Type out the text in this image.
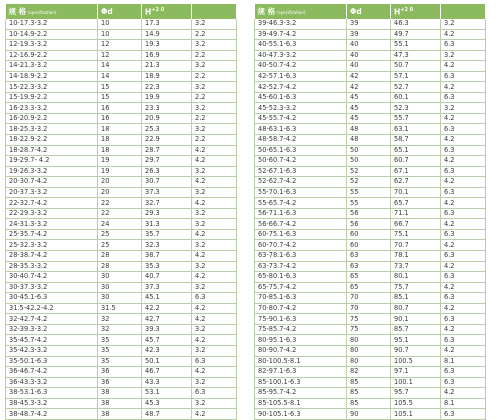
规 格 (specification)	Φd	$H^{+2 0}$	
10-17.3-3.2	10	17.3	3.2
10-14.9-2.2	10	14.9	2.2
12-19.3-3.2	12	19.3	3.2
12-16.9-2.2	12	16.9	2.2
14-21.3-3.2	14	21.3	3.2
14-18.9-2.2	14	18.9	2.2
15-22.3-3.2	15	22.3	3.2
15-19.9-2.2	15	19.9	2.2
16-23.3-3.2	16	23.3	3.2
16-20.9-2.2	16	20.9	2.2
18-25.3-3.2	18	25.3	3.2
18-22.9-2.2	18	22.9	2.2
18-28.7-4.2	18	28.7	4.2
19-29.7- 4.2	19	29.7	4.2
19-26.3-3.2	19	26.3	3.2
20-30.7-4.2	20	30.7	4.2
20-37.3-3.2	20	37.3	3.2
22-32.7-4.2	22	32.7	4.2
22-29.3-3.2	22	29.3	3.2
24-31.3-3.2	24	31.3	3.2
25-35.7-4.2	25	35.7	4.2
25-32.3-3.2	25	32.3	3.2
28-38.7-4.2	28	38.7	4.2
28-35.3-3.2	28	35.3	3.2
30-40.7-4.2	30	40.7	4.2
30-37.3-3.2	30	37.3	3.2
30-45.1-6.3	30	45.1	6.3
31.5-42.2-4.2	31.5	42.2	4.2
32-42.7-4.2	32	42.7	4.2
32-39.3-3.2	32	39.3	3.2
35-45.7-4.2	35	45.7	4.2
35-42.3-3.2	35	42.3	3.2
35-50.1-6.3	35	50.1	6.3
36-46.7-4.2	36	46.7	4.2
36-43.3-3.2	36	43.3	3.2
38-53.1-6.3	38	53.1	6.3
38-45.3-3.2	38	45.3	3.2
38-48.7-4.2	38	48.7	4.2
规 格 (specification)	Φd	$H^{+2 0}$	
39-46.3-3.2	39	46.3	3.2
39-49.7-4.2	39	49.7	4.2
40-55.1-6.3	40	55.1	6.3
40-47.3-3.2	40	47.3	3.2
40-50.7-4.2	40	50.7	4.2
42-57.1-6.3	42	57.1	6.3
42-52.7-4.2	42	52.7	4.2
45-60.1-6.3	45	60.1	6.3
45-52.3-3.2	45	52.3	3.2
45-55.7-4.2	45	55.7	4.2
48-63.1-6.3	48	63.1	6.3
48-58.7-4.2	48	58.7	4.2
50-65.1-6.3	50	65.1	6.3
50-60.7-4.2	50	60.7	4.2
52-67.1-6.3	52	67.1	6.3
52-62.7-4.2	52	62.7	4.2
55-70.1-6.3	55	70.1	6.3
55-65.7-4.2	55	65.7	4.2
56-71.1-6.3	56	71.1	6.3
56-66.7-4.2	56	66.7	4.2
60-75.1-6.3	60	75.1	6.3
60-70.7-4.2	60	70.7	4.2
63-78.1-6.3	63	78.1	6.3
63-73.7-4.2	63	73.7	4.2
65-80.1-6.3	65	80.1	6.3
65-75.7-4.2	65	75.7	4.2
70-85.1-6.3	70	85.1	6.3
70-80.7-4.2	70	80.7	4.2
75-90.1-6.3	75	90.1	6.3
75-85.7-4.2	75	85.7	4.2
80-95.1-6.3	80	95.1	6.3
80-90.7-4.2	80	90.7	4.2
80-100.5-8.1	80	100.5	8.1
82-97.1-6.3	82	97.1	6.3
85-100.1-6.3	85	100.1	6.3
85-95.7-4.2	85	95.7	4.2
85-105.5-8.1	85	105.5	8.1
90-105.1-6.3	90	105.1	6.3
